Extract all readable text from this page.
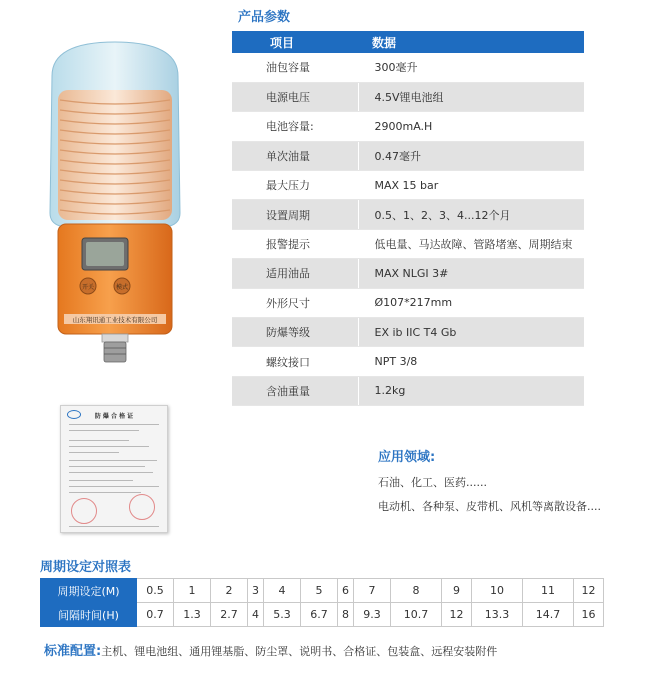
开关	模式
山东翔讯通工业技术有限公司
产品参数
项目	数据
油包容量	300毫升
电源电压	4.5V锂电池组
电池容量:	2900mA.H
单次油量	0.47毫升
最大压力	MAX 15 bar
设置周期	0.5、1、2、3、4...12个月
报警提示	低电量、马达故障、管路堵塞、周期结束
适用油品	MAX NLGI 3#
外形尺寸	Ø107*217mm
防爆等级	EX ib IIC T4 Gb
螺纹接口	NPT 3/8
含油重量	1.2kg
防 爆 合 格 证
应用领域:
石油、化工、医药......
电动机、各种泵、皮带机、风机等离散设备....
周期设定对照表
周期设定(M)	0.5	1	2	3	4	5	6	7	8	9	10	11	12
间隔时间(H)	0.7	1.3	2.7	4	5.3	6.7	8	9.3	10.7	12	13.3	14.7	16
标准配置:主机、锂电池组、通用锂基脂、防尘罩、说明书、合格证、包装盒、远程安装附件
